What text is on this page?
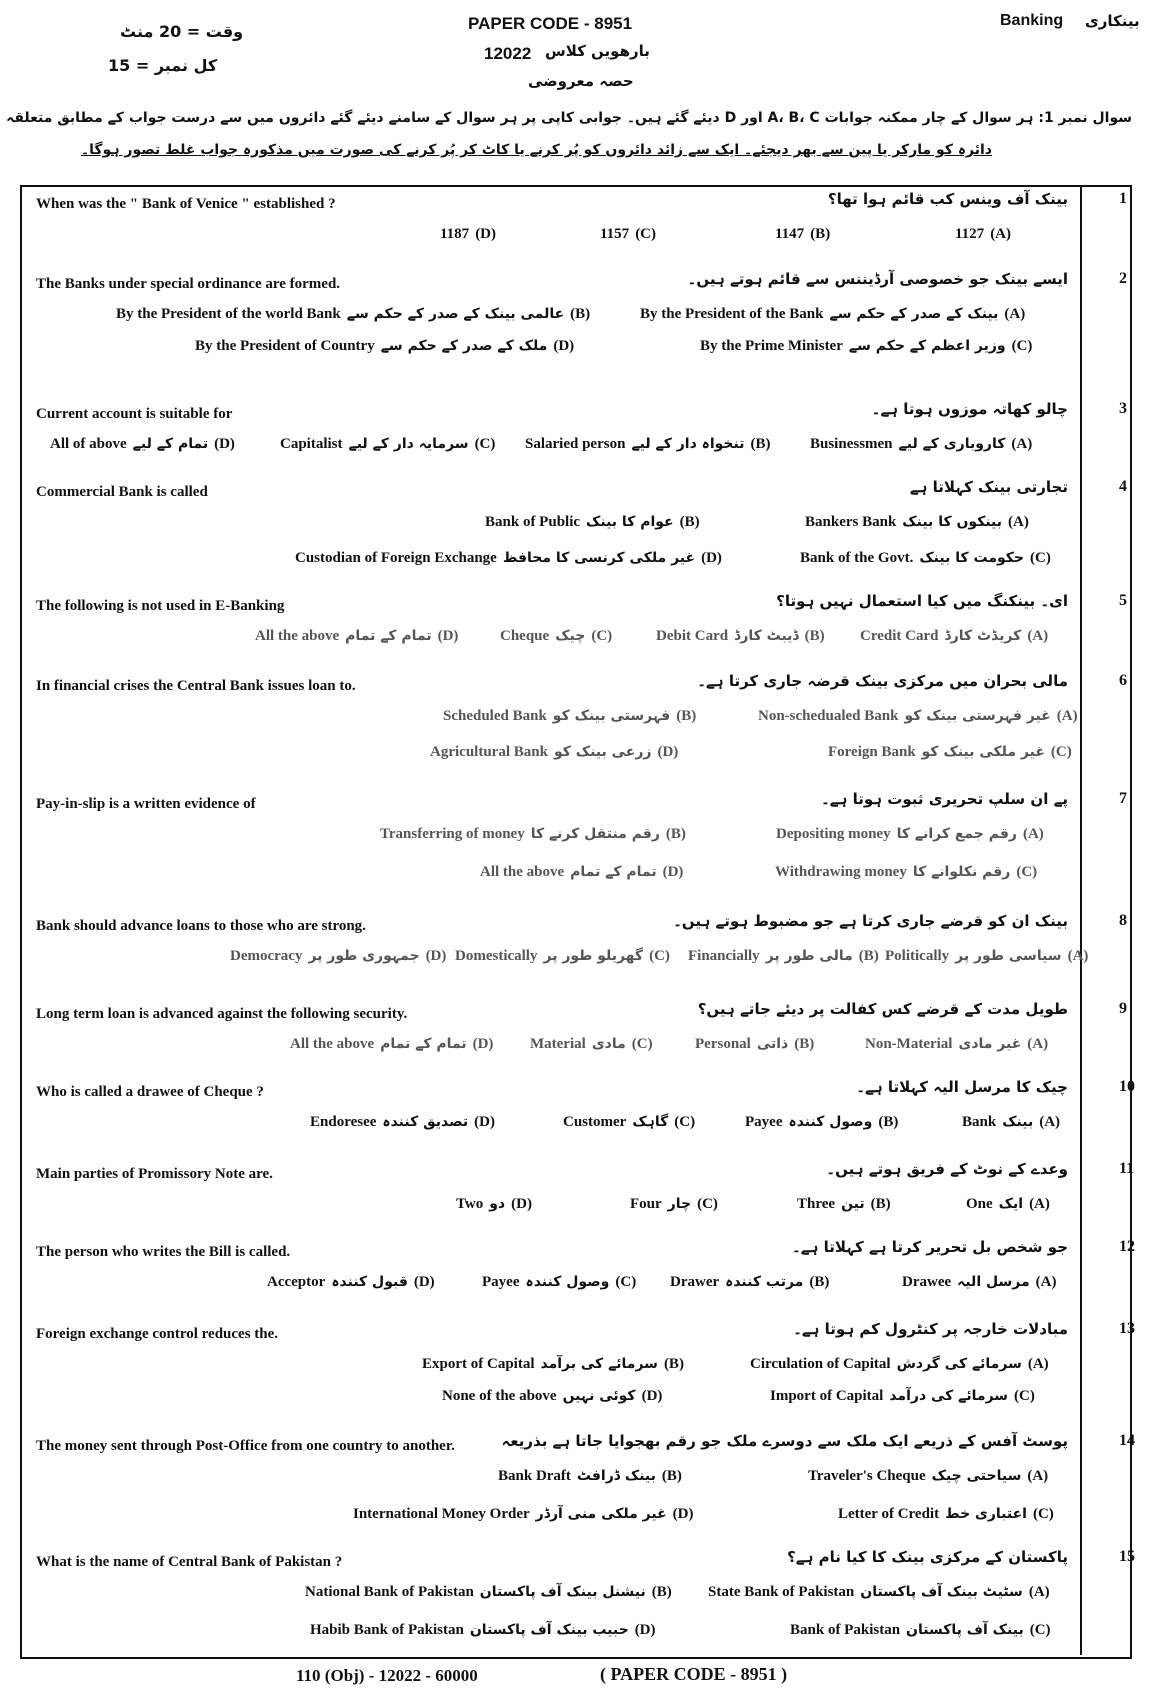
وقت = 20 منٹ
کل نمبر = 15
PAPER CODE - 8951
بارھویں کلاس
12022
حصہ معروضی
Banking بینکاری
سوال نمبر 1: ہر سوال کے چار ممکنہ جوابات A، B، C اور D دیئے گئے ہیں۔ جوابی کاپی پر ہر سوال کے سامنے دیئے گئے دائروں میں سے درست جواب کے مطابق متعلقہ
دائرہ کو مارکر یا پین سے بھر دیجئے۔ ایک سے زائد دائروں کو پُر کرنے یا کاٹ کر پُر کرنے کی صورت میں مذکورہ جواب غلط تصور ہوگا۔
1
When was the " Bank of Venice " established ?	بینک آف وینس کب قائم ہوا تھا؟
1187 (D)	1157 (C)	1147 (B)	1127 (A)
2
The Banks under special ordinance are formed.	ایسے بینک جو خصوصی آرڈیننس سے قائم ہوتے ہیں۔
By the President of the world Bank عالمی بینک کے صدر کے حکم سے (B)	By the President of the Bank بینک کے صدر کے حکم سے (A)
By the President of Country ملک کے صدر کے حکم سے (D)	By the Prime Minister وزیر اعظم کے حکم سے (C)
3
Current account is suitable for	چالو کھاتہ موزوں ہوتا ہے۔
All of above تمام کے لیے (D)	Capitalist سرمایہ دار کے لیے (C) Salaried person تنخواہ دار کے لیے (B)	Businessmen کاروباری کے لیے (A)
4
Commercial Bank is called	تجارتی بینک کہلاتا ہے
Bank of Public عوام کا بینک (B)	Bankers Bank بینکوں کا بینک (A)
Custodian of Foreign Exchange غیر ملکی کرنسی کا محافظ (D)	Bank of the Govt. حکومت کا بینک (C)
5
The following is not used in E-Banking	ای۔ بینکنگ میں کیا استعمال نہیں ہوتا؟
All the above تمام کے تمام (D)	Cheque چیک (C)	Debit Card ڈیبٹ کارڈ (B) Credit Card کریڈٹ کارڈ (A)
6
In financial crises the Central Bank issues loan to.	مالی بحران میں مرکزی بینک قرضہ جاری کرتا ہے۔
Scheduled Bank فہرستی بینک کو (B)	Non-schedualed Bank غیر فہرستی بینک کو (A)
Agricultural Bank زرعی بینک کو (D)	Foreign Bank غیر ملکی بینک کو (C)
7
Pay-in-slip is a written evidence of	پے ان سلپ تحریری ثبوت ہوتا ہے۔
Transferring of money رقم منتقل کرنے کا (B)	Depositing money رقم جمع کرانے کا (A)
All the above تمام کے تمام (D)	Withdrawing money رقم نکلوانے کا (C)
8
Bank should advance loans to those who are strong.	بینک ان کو قرضے جاری کرتا ہے جو مضبوط ہوتے ہیں۔
Democracy جمہوری طور پر (D) Domestically گھریلو طور پر (C) Financially مالی طور پر (B) Politically سیاسی طور پر (A)
9
Long term loan is advanced against the following security.	طویل مدت کے قرضے کس کفالت پر دیئے جاتے ہیں؟
All the above تمام کے تمام (D) Material مادی (C)	Personal ذاتی (B)	Non-Material غیر مادی (A)
10
Who is called a drawee of Cheque ?	چیک کا مرسل الیہ کہلاتا ہے۔
Endoresee تصدیق کنندہ (D)	Customer گاہک (C)	Payee وصول کنندہ (B)	Bank بینک (A)
11
Main parties of Promissory Note are.	وعدے کے نوٹ کے فریق ہوتے ہیں۔
Two دو (D)	Four چار (C)	Three تین (B)	One ایک (A)
12
The person who writes the Bill is called.	جو شخص بل تحریر کرتا ہے کہلاتا ہے۔
Acceptor قبول کنندہ (D)	Payee وصول کنندہ (C) Drawer مرتب کنندہ (B)	Drawee مرسل الیہ (A)
13
Foreign exchange control reduces the.	مبادلات خارجہ پر کنٹرول کم ہوتا ہے۔
Export of Capital سرمائے کی برآمد (B)	Circulation of Capital سرمائے کی گردش (A)
None of the above کوئی نہیں (D)	Import of Capital سرمائے کی درآمد (C)
14
The money sent through Post-Office from one country to another.	پوسٹ آفس کے ذریعے ایک ملک سے دوسرے ملک جو رقم بھجوایا جاتا ہے بذریعہ
Bank Draft بینک ڈرافٹ (B)	Traveler's Cheque سیاحتی چیک (A)
International Money Order غیر ملکی منی آرڈر (D)	Letter of Credit اعتباری خط (C)
15
What is the name of Central Bank of Pakistan ?	پاکستان کے مرکزی بینک کا کیا نام ہے؟
National Bank of Pakistan نیشنل بینک آف پاکستان (B) State Bank of Pakistan سٹیٹ بینک آف پاکستان (A)
Habib Bank of Pakistan حبیب بینک آف پاکستان (D)	Bank of Pakistan بینک آف پاکستان (C)
110 (Obj) - 12022 - 60000	( PAPER CODE - 8951 )
